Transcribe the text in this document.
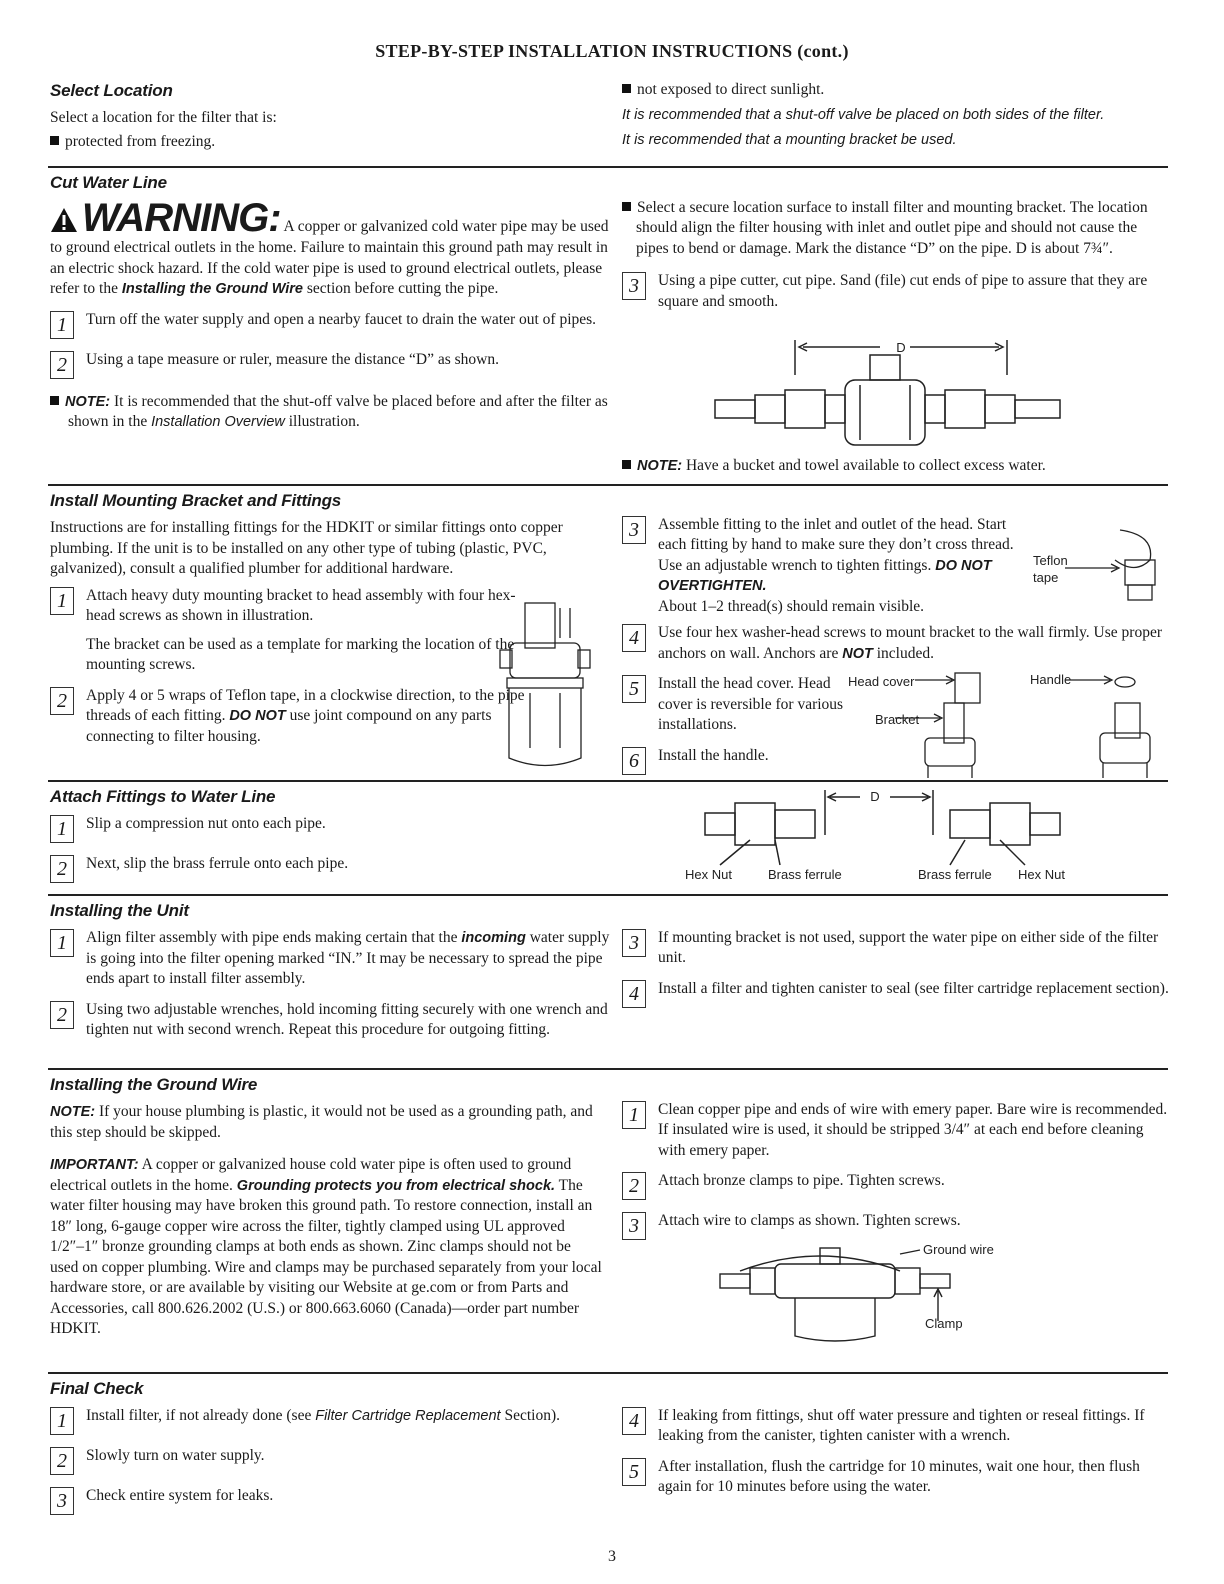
STEP-BY-STEP INSTALLATION INSTRUCTIONS (cont.)
Select Location

Select a location for the filter that is:

protected from freezing.

not exposed to direct sunlight.

It is recommended that a shut-off valve be placed on both sides of the filter.

It is recommended that a mounting bracket be used.

Cut Water Line

WARNING: A copper or galvanized cold water pipe may be used to ground electrical outlets in the home. Failure to maintain this ground path may result in an electric shock hazard. If the cold water pipe is used to ground electrical outlets, please refer to the Installing the Ground Wire section before cutting the pipe.

1	Turn off the water supply and open a nearby faucet to drain the water out of pipes.

2	Using a tape measure or ruler, measure the distance “D” as shown.

NOTE: It is recommended that the shut-off valve be placed before and after the filter as shown in the Installation Overview illustration.

Select a secure location surface to install filter and mounting bracket. The location should align the filter housing with inlet and outlet pipe and should not cause the pipes to bend or damage. Mark the distance “D” on the pipe. D is about 7¾″.

3	Using a pipe cutter, cut pipe. Sand (file) cut ends of pipe to assure that they are square and smooth.

D

NOTE: Have a bucket and towel available to collect excess water.

Install Mounting Bracket and Fittings

Instructions are for installing fittings for the HDKIT or similar fittings onto copper plumbing. If the unit is to be installed on any other type of tubing (plastic, PVC, galvanized), consult a qualified plumber for additional hardware.

1	Attach heavy duty mounting bracket to head assembly with four hex-head screws as shown in illustration.

The bracket can be used as a template for marking the location of the mounting screws.

2	Apply 4 or 5 wraps of Teflon tape, in a clockwise direction, to the pipe threads of each fitting. DO NOT use joint compound on any parts connecting to filter housing.

3	Assemble fitting to the inlet and outlet of the head. Start each fitting by hand to make sure they don’t cross thread. Use an adjustable wrench to tighten fittings. DO NOT OVERTIGHTEN.
About 1–2 thread(s) should remain visible.

4	Use four hex washer-head screws to mount bracket to the wall firmly. Use proper anchors on wall. Anchors are NOT included.

5	Install the head cover. Head cover is reversible for various installations.

6	Install the handle.

Teflon
tape
Head cover
Bracket
Handle
Attach Fittings to Water Line
1	Slip a compression nut onto each pipe.

2	Next, slip the brass ferrule onto each pipe.

D
Hex Nut	Brass ferrule	Brass ferrule Hex Nut
Installing the Unit
1	Align filter assembly with pipe ends making certain that the incoming water supply is going into the filter opening marked “IN.” It may be necessary to spread the pipe ends apart to install filter assembly.

2	Using two adjustable wrenches, hold incoming fitting securely with one wrench and tighten nut with second wrench. Repeat this procedure for outgoing fitting.

3	If mounting bracket is not used, support the water pipe on either side of the filter unit.

4	Install a filter and tighten canister to seal (see filter cartridge replacement section).

Installing the Ground Wire

NOTE: If your house plumbing is plastic, it would not be used as a grounding path, and this step should be skipped.

IMPORTANT: A copper or galvanized house cold water pipe is often used to ground electrical outlets in the home. Grounding protects you from electrical shock. The water filter housing may have broken this ground path. To restore connection, install an 18″ long, 6-gauge copper wire across the filter, tightly clamped using UL approved 1/2″–1″ bronze grounding clamps at both ends as shown. Zinc clamps should not be used on copper plumbing. Wire and clamps may be purchased separately from your local hardware store, or are available by visiting our Website at ge.com or from Parts and Accessories, call 800.626.2002 (U.S.) or 800.663.6060 (Canada)—order part number HDKIT.

1	Clean copper pipe and ends of wire with emery paper. Bare wire is recommended. If insulated wire is used, it should be stripped 3/4″ at each end before cleaning with emery paper.

2	Attach bronze clamps to pipe. Tighten screws.

3	Attach wire to clamps as shown. Tighten screws.

Ground wire
Clamp
Final Check
1	Install filter, if not already done (see Filter Cartridge Replacement Section).

2	Slowly turn on water supply.

3	Check entire system for leaks.

4	If leaking from fittings, shut off water pressure and tighten or reseal fittings. If leaking from the canister, tighten canister with a wrench.

5	After installation, flush the cartridge for 10 minutes, wait one hour, then flush again for 10 minutes before using the water.

3
